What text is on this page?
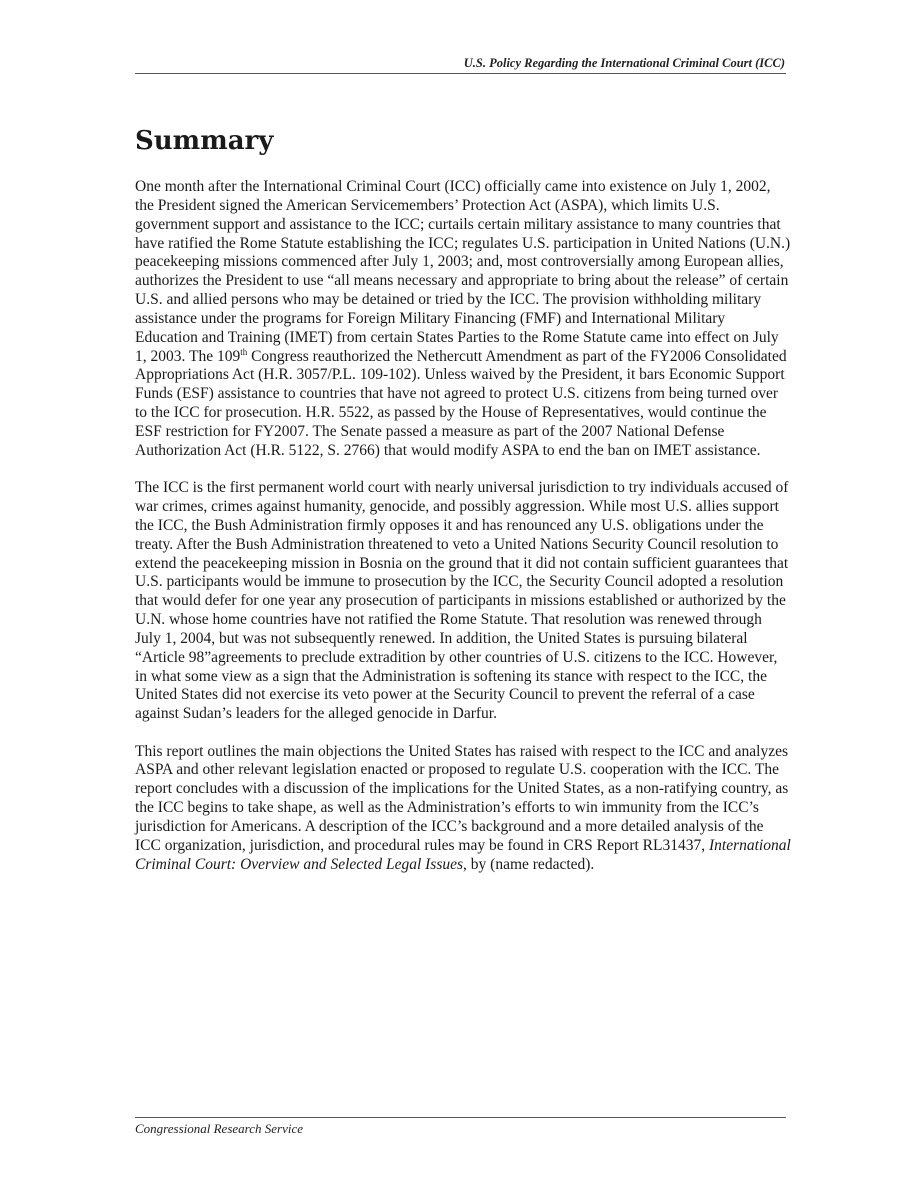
U.S. Policy Regarding the International Criminal Court (ICC)
Summary

One month after the International Criminal Court (ICC) officially came into existence on July 1, 2002, the President signed the American Servicemembers’ Protection Act (ASPA), which limits U.S. government support and assistance to the ICC; curtails certain military assistance to many countries that have ratified the Rome Statute establishing the ICC; regulates U.S. participation in United Nations (U.N.) peacekeeping missions commenced after July 1, 2003; and, most controversially among European allies, authorizes the President to use “all means necessary and appropriate to bring about the release” of certain U.S. and allied persons who may be detained or tried by the ICC. The provision withholding military assistance under the programs for Foreign Military Financing (FMF) and International Military Education and Training (IMET) from certain States Parties to the Rome Statute came into effect on July 1, 2003. The 109th Congress reauthorized the Nethercutt Amendment as part of the FY2006 Consolidated Appropriations Act (H.R. 3057/P.L. 109-102). Unless waived by the President, it bars Economic Support Funds (ESF) assistance to countries that have not agreed to protect U.S. citizens from being turned over to the ICC for prosecution. H.R. 5522, as passed by the House of Representatives, would continue the ESF restriction for FY2007. The Senate passed a measure as part of the 2007 National Defense Authorization Act (H.R. 5122, S. 2766) that would modify ASPA to end the ban on IMET assistance.

The ICC is the first permanent world court with nearly universal jurisdiction to try individuals accused of war crimes, crimes against humanity, genocide, and possibly aggression. While most U.S. allies support the ICC, the Bush Administration firmly opposes it and has renounced any U.S. obligations under the treaty. After the Bush Administration threatened to veto a United Nations Security Council resolution to extend the peacekeeping mission in Bosnia on the ground that it did not contain sufficient guarantees that U.S. participants would be immune to prosecution by the ICC, the Security Council adopted a resolution that would defer for one year any prosecution of participants in missions established or authorized by the U.N. whose home countries have not ratified the Rome Statute. That resolution was renewed through July 1, 2004, but was not subsequently renewed. In addition, the United States is pursuing bilateral “Article 98”agreements to preclude extradition by other countries of U.S. citizens to the ICC. However, in what some view as a sign that the Administration is softening its stance with respect to the ICC, the United States did not exercise its veto power at the Security Council to prevent the referral of a case against Sudan’s leaders for the alleged genocide in Darfur.

This report outlines the main objections the United States has raised with respect to the ICC and analyzes ASPA and other relevant legislation enacted or proposed to regulate U.S. cooperation with the ICC. The report concludes with a discussion of the implications for the United States, as a non-ratifying country, as the ICC begins to take shape, as well as the Administration’s efforts to win immunity from the ICC’s jurisdiction for Americans. A description of the ICC’s background and a more detailed analysis of the ICC organization, jurisdiction, and procedural rules may be found in CRS Report RL31437, International Criminal Court: Overview and Selected Legal Issues, by (name redacted).

Congressional Research Service
